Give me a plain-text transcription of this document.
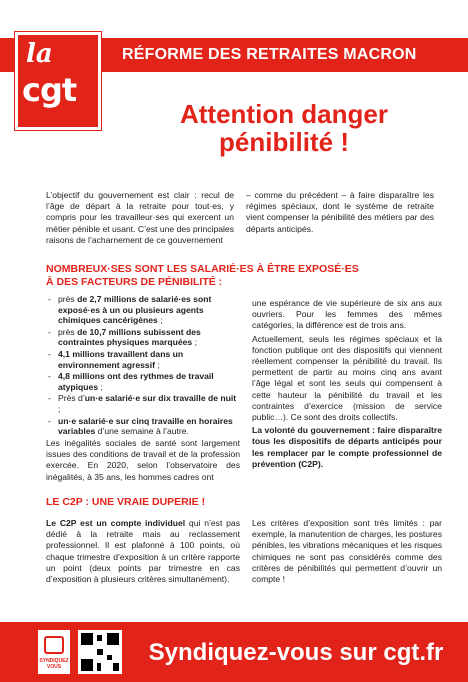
RÉFORME DES RETRAITES MACRON
la
cgt
Attention danger
pénibilité !

L’objectif du gouvernement est clair : recul de l’âge de départ à la retraite pour tout·es, y compris pour les travailleur·ses qui exercent un métier pénible et usant. C’est une des principales raisons de l’acharnement de ce gouvernement

– comme du précédent – à faire disparaître les régimes spéciaux, dont le système de retraite vient compenser la pénibilité des métiers par des départs anticipés.

NOMBREUX·SES SONT LES SALARIÉ·ES À ÊTRE EXPOSÉ·ES
À DES FACTEURS DE PÉNIBILITÉ :
- près de 2,7 millions de salarié·es sont exposé·es à un ou plusieurs agents chimiques cancérigènes ;
- près de 10,7 millions subissent des contraintes physiques marquées ;
- 4,1 millions travaillent dans un environnement agressif ;
- 4,8 millions ont des rythmes de travail atypiques ;
- Près d’un·e salarié·e sur dix travaille de nuit ;
- un·e salarié·e sur cinq travaille en horaires variables d’une semaine à l’autre.

Les inégalités sociales de santé sont largement issues des conditions de travail et de la profession exercée. En 2020, selon l’observatoire des inégalités, à 35 ans, les hommes cadres ont

une espérance de vie supérieure de six ans aux ouvriers. Pour les femmes des mêmes catégories, la différence est de trois ans.

Actuellement, seuls les régimes spéciaux et la fonction publique ont des dispositifs qui viennent réellement compenser la pénibilité du travail. Ils permettent de partir au moins cinq ans avant l’âge légal et sont les seuls qui compensent à cette hauteur la pénibilité du travail et les contraintes d’exercice (mission de service public…). Ce sont des droits collectifs.

La volonté du gouvernement : faire disparaître tous les dispositifs de départs anticipés pour les remplacer par le compte professionnel de prévention (C2P).

LE C2P : UNE VRAIE DUPERIE !

Le C2P est un compte individuel qui n’est pas dédié à la retraite mais au reclassement professionnel. Il est plafonné à 100 points, où chaque trimestre d’exposition à un critère rapporte un point (deux points par trimestre en cas d’exposition à plusieurs critères simultanément).

Les critères d’exposition sont très limités : par exemple, la manutention de charges, les postures pénibles, les vibrations mécaniques et les risques chimiques ne sont pas considérés comme des critères de pénibilités qui permettent d’ouvrir un compte !

SYNDIQUEZ VOUS
Syndiquez-vous sur cgt.fr
